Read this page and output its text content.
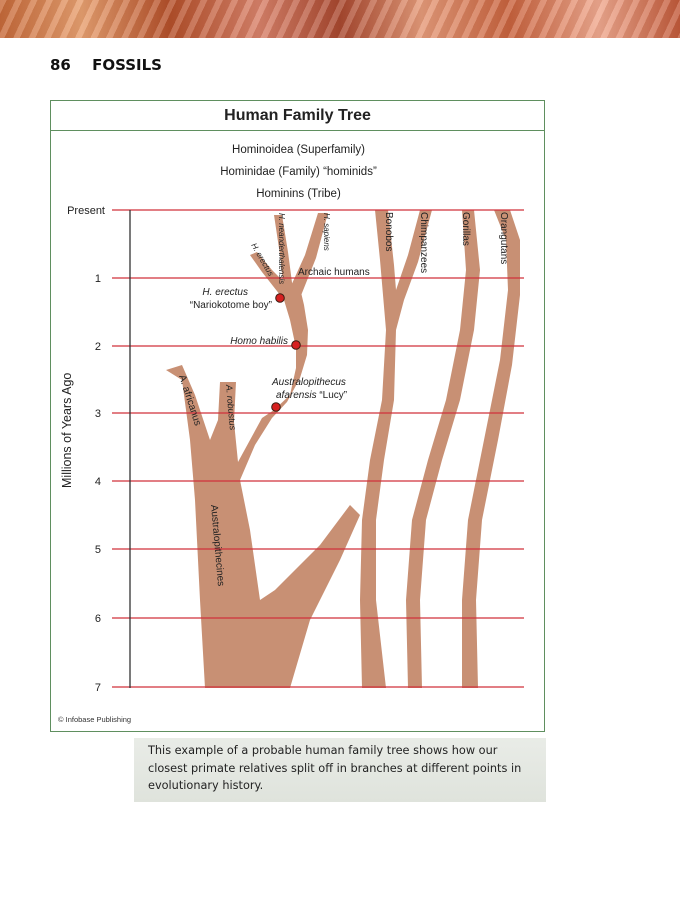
86 FOSSILS
Human Family Tree
Hominoidea (Superfamily)
Hominidae (Family) “hominids”
Hominins (Tribe)
© Infobase Publishing
Present
1
2
3
4
5
6
7
Millions of Years Ago
H. sapiens
H. neanderthalensis
H. erectus
Bonobos Chimpanzees	Gorillas	Orangutans
A. africanus A. robustus
Australopithecines
Archaic humans
H. erectus
“Nariokotome boy”
Homo habilis
Australopithecus
afarensis “Lucy”
This example of a probable human family tree shows how our closest primate relatives split off in branches at different points in evolutionary history.
